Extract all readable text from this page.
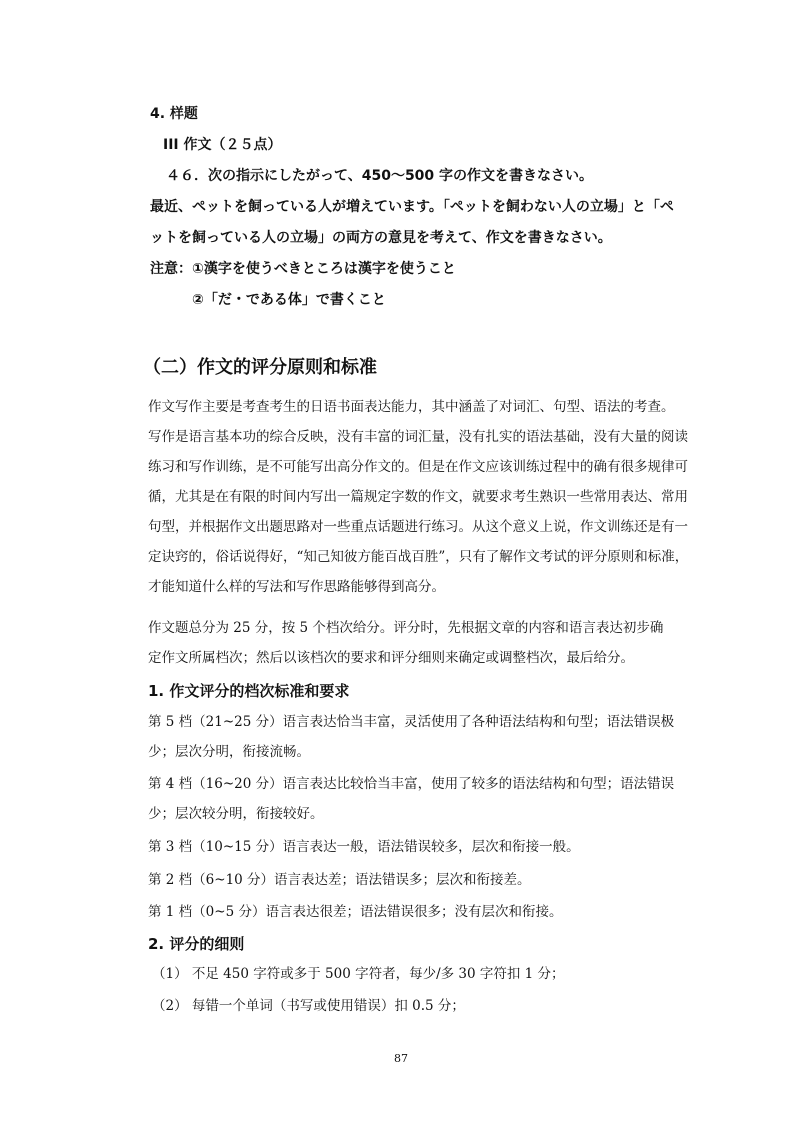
4. 样题
III 作文（２５点）
４６．次の指示にしたがって、450～500 字の作文を書きなさい。
最近、ペットを飼っている人が増えています。「ペットを飼わない人の立場」と「ペ
ットを飼っている人の立場」の両方の意見を考えて、作文を書きなさい。
注意：①漢字を使うべきところは漢字を使うこと
②「だ・である体」で書くこと
（二）作文的评分原则和标准
作文写作主要是考查考生的日语书面表达能力，其中涵盖了对词汇、句型、语法的考查。
写作是语言基本功的综合反映，没有丰富的词汇量，没有扎实的语法基础，没有大量的阅读
练习和写作训练，是不可能写出高分作文的。但是在作文应该训练过程中的确有很多规律可
循，尤其是在有限的时间内写出一篇规定字数的作文，就要求考生熟识一些常用表达、常用
句型，并根据作文出题思路对一些重点话题进行练习。从这个意义上说，作文训练还是有一
定诀窍的，俗话说得好，“知己知彼方能百战百胜”，只有了解作文考试的评分原则和标准，
才能知道什么样的写法和写作思路能够得到高分。
作文题总分为 25 分，按 5 个档次给分。评分时，先根据文章的内容和语言表达初步确
定作文所属档次；然后以该档次的要求和评分细则来确定或调整档次，最后给分。
1. 作文评分的档次标准和要求
第 5 档（21~25 分）语言表达恰当丰富，灵活使用了各种语法结构和句型；语法错误极
少；层次分明，衔接流畅。
第 4 档（16~20 分）语言表达比较恰当丰富，使用了较多的语法结构和句型；语法错误
少；层次较分明，衔接较好。
第 3 档（10~15 分）语言表达一般，语法错误较多，层次和衔接一般。
第 2 档（6~10 分）语言表达差；语法错误多；层次和衔接差。
第 1 档（0~5 分）语言表达很差；语法错误很多；没有层次和衔接。
2. 评分的细则
（1） 不足 450 字符或多于 500 字符者，每少/多 30 字符扣 1 分；
（2） 每错一个单词（书写或使用错误）扣 0.5 分；
87
